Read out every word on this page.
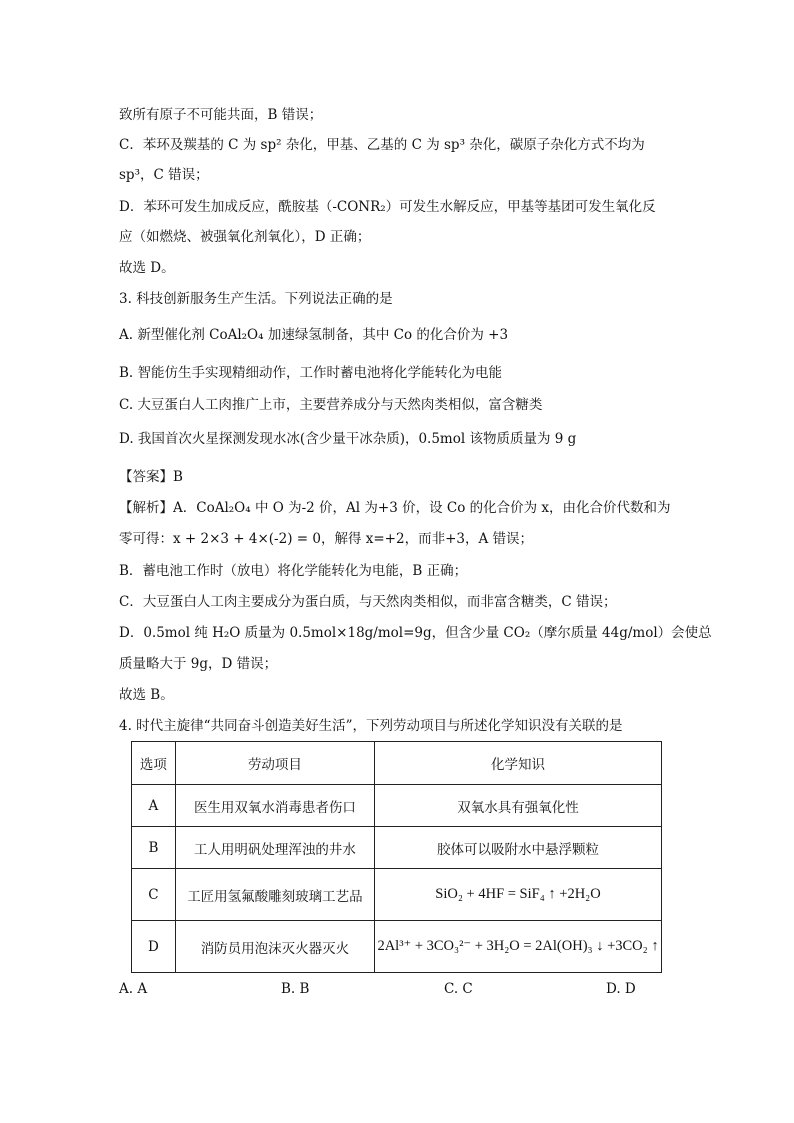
致所有原子不可能共面，B 错误；
C．苯环及羰基的 C 为 sp² 杂化，甲基、乙基的 C 为 sp³ 杂化，碳原子杂化方式不均为
sp³，C 错误；
D．苯环可发生加成反应，酰胺基（-CONR₂）可发生水解反应，甲基等基团可发生氧化反
应（如燃烧、被强氧化剂氧化），D 正确；
故选 D。
3. 科技创新服务生产生活。下列说法正确的是
A. 新型催化剂 CoAl₂O₄ 加速绿氢制备，其中 Co 的化合价为 +3
B. 智能仿生手实现精细动作，工作时蓄电池将化学能转化为电能
C. 大豆蛋白人工肉推广上市，主要营养成分与天然肉类相似，富含糖类
D. 我国首次火星探测发现水冰(含少量干冰杂质)，0.5mol 该物质质量为 9 g
【答案】B
【解析】A．CoAl₂O₄ 中 O 为-2 价，Al 为+3 价，设 Co 的化合价为 x，由化合价代数和为
零可得：x + 2×3 + 4×(-2) = 0，解得 x=+2，而非+3，A 错误；
B．蓄电池工作时（放电）将化学能转化为电能，B 正确；
C．大豆蛋白人工肉主要成分为蛋白质，与天然肉类相似，而非富含糖类，C 错误；
D．0.5mol 纯 H₂O 质量为 0.5mol×18g/mol=9g，但含少量 CO₂（摩尔质量 44g/mol）会使总
质量略大于 9g，D 错误；
故选 B。
4. 时代主旋律“共同奋斗创造美好生活”，下列劳动项目与所述化学知识没有关联的是
选项	劳动项目	化学知识
A	医生用双氧水消毒患者伤口	双氧水具有强氧化性
B	工人用明矾处理浑浊的井水	胶体可以吸附水中悬浮颗粒
C	工匠用氢氟酸雕刻玻璃工艺品	SiO₂ + 4HF = SiF₄ ↑ +2H₂O
D	消防员用泡沫灭火器灭火	2Al³⁺ + 3CO₃²⁻ + 3H₂O = 2Al(OH)₃ ↓ +3CO₂ ↑
A. A	B. B	C. C	D. D
